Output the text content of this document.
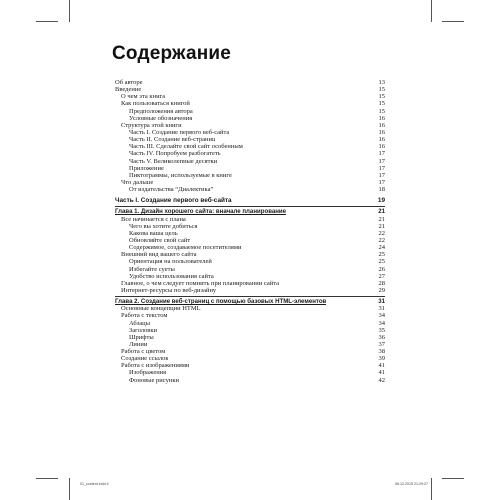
Содержание
Об авторе	13
Введение	15
О чем эта книга	15
Как пользоваться книгой	15
Предположения автора	15
Условные обозначения	16
Структура этой книги	16
Часть I. Создание первого веб-сайта	16
Часть II. Создание веб-страниц	16
Часть III. Сделайте свой сайт особенным	16
Часть IV. Попробуем разбогатеть	17
Часть V. Великолепные десятки	17
Приложение	17
Пиктограммы, используемые в книге	17
Что дальше	17
От издательства “Диалектика”	18
Часть I. Создание первого веб-сайта	19
Глава 1. Дизайн хорошего сайта: вначале планирование	21
Все начинается с плана	21
Чего вы хотите добиться	21
Какова ваша цель	22
Обновляйте свой сайт	22
Содержимое, создаваемое посетителями	24
Внешний вид вашего сайта	25
Ориентация на пользователей	25
Избегайте суеты	26
Удобство использования сайта	27
Главное, о чем следует помнить при планировании сайта	28
Интернет-ресурсы по веб-дизайну	29
Глава 2. Создание веб-страниц с помощью базовых HTML-элементов	31
Основные концепции HTML	31
Работа с текстом	34
Абзацы	34
Заголовки	35
Шрифты	36
Линии	37
Работа с цветом	38
Создание ссылок	39
Работа с изображениями	41
Изображения	41
Фоновые рисунки	42
01_content.indd 4	08.12.2015 21:29:27
